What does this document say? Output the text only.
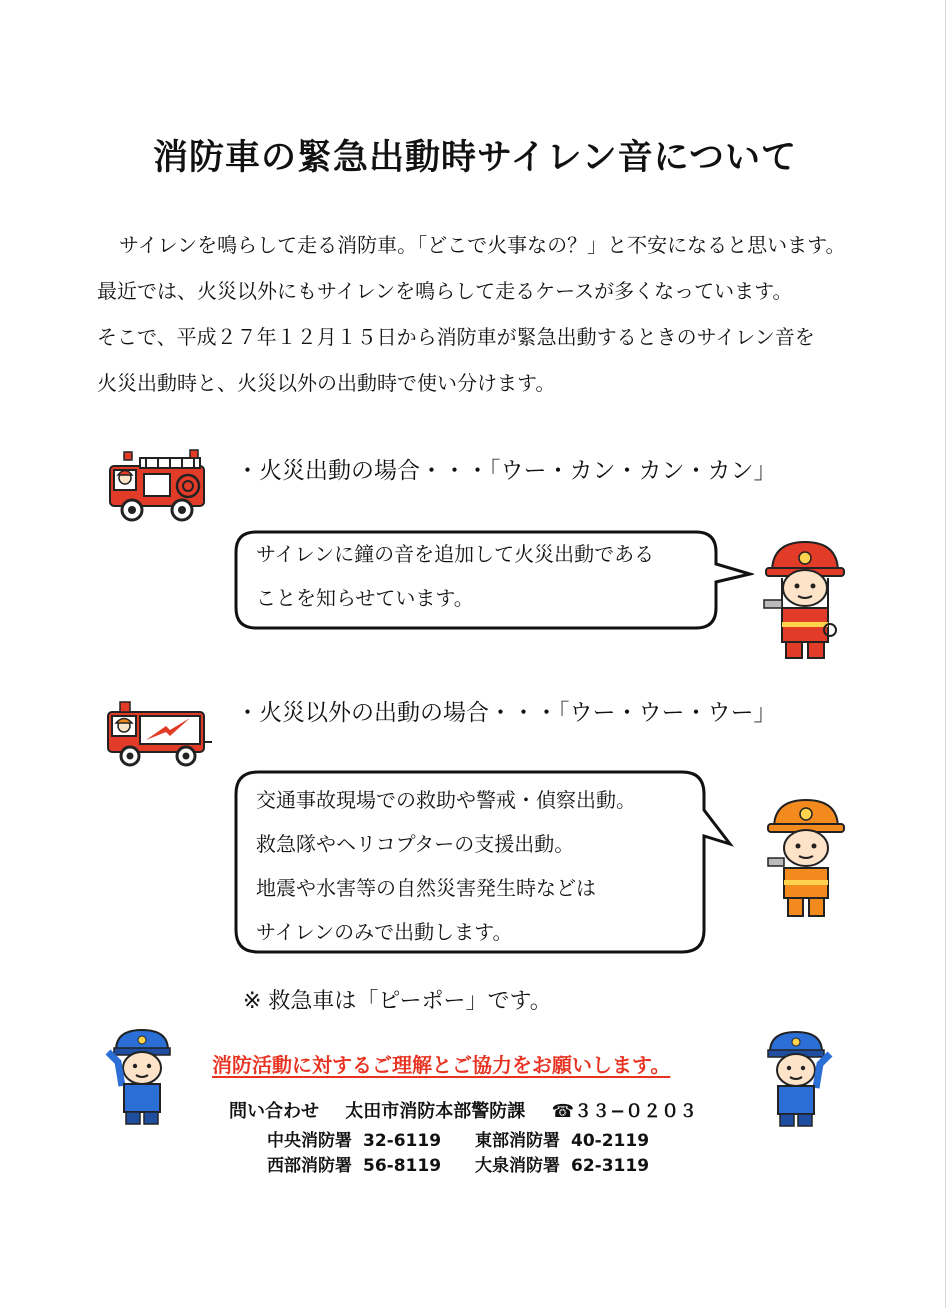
消防車の緊急出動時サイレン音について

サイレンを鳴らして走る消防車。「どこで火事なの？」と不安になると思います。

最近では、火災以外にもサイレンを鳴らして走るケースが多くなっています。

そこで、平成２７年１２月１５日から消防車が緊急出動するときのサイレン音を

火災出動時と、火災以外の出動時で使い分けます。

・火災出動の場合・・・「ウー・カン・カン・カン」
サイレンに鐘の音を追加して火災出動である
ことを知らせています。
・火災以外の出動の場合・・・「ウー・ウー・ウー」
交通事故現場での救助や警戒・偵察出動。
救急隊やヘリコプターの支援出動。
地震や水害等の自然災害発生時などは
サイレンのみで出動します。
※ 救急車は「ピーポー」です。
消防活動に対するご理解とご協力をお願いします。
問い合わせ 太田市消防本部警防課 ☎３３−０２０３
中央消防署 32-6119 東部消防署 40-2119
西部消防署 56-8119 大泉消防署 62-3119
